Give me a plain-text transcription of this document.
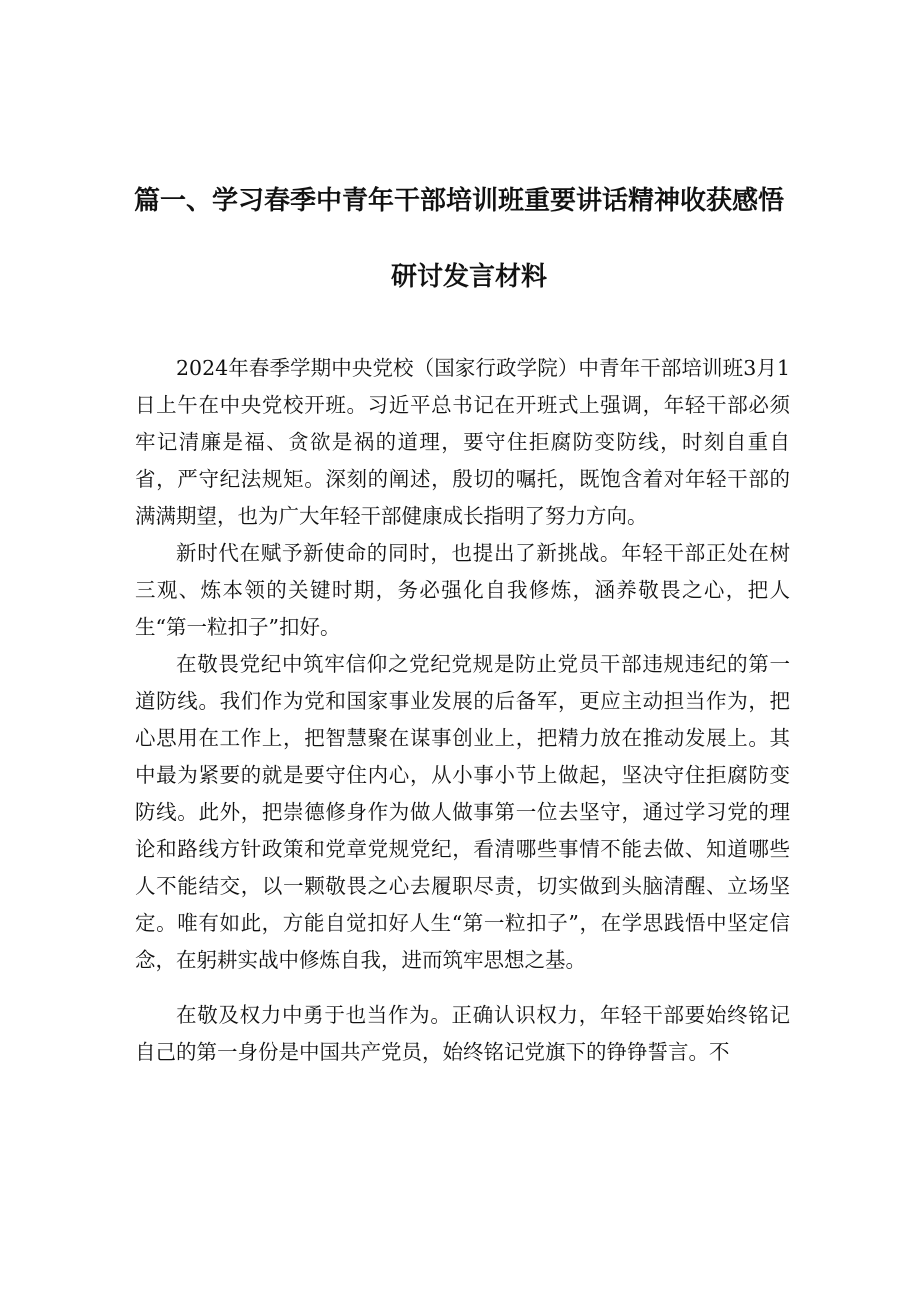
篇一、学习春季中青年干部培训班重要讲话精神收获感悟
研讨发言材料

2024年春季学期中央党校（国家行政学院）中青年干部培训班3月1日上午在中央党校开班。习近平总书记在开班式上强调，年轻干部必须牢记清廉是福、贪欲是祸的道理，要守住拒腐防变防线，时刻自重自省，严守纪法规矩。深刻的阐述，殷切的嘱托，既饱含着对年轻干部的满满期望，也为广大年轻干部健康成长指明了努力方向。

新时代在赋予新使命的同时，也提出了新挑战。年轻干部正处在树三观、炼本领的关键时期，务必强化自我修炼，涵养敬畏之心，把人生“第一粒扣子”扣好。

在敬畏党纪中筑牢信仰之党纪党规是防止党员干部违规违纪的第一道防线。我们作为党和国家事业发展的后备军，更应主动担当作为，把心思用在工作上，把智慧聚在谋事创业上，把精力放在推动发展上。其中最为紧要的就是要守住内心，从小事小节上做起，坚决守住拒腐防变防线。此外，把崇德修身作为做人做事第一位去坚守，通过学习党的理论和路线方针政策和党章党规党纪，看清哪些事情不能去做、知道哪些人不能结交，以一颗敬畏之心去履职尽责，切实做到头脑清醒、立场坚定。唯有如此，方能自觉扣好人生“第一粒扣子”，在学思践悟中坚定信念，在躬耕实战中修炼自我，进而筑牢思想之基。

在敬及权力中勇于也当作为。正确认识权力，年轻干部要始终铭记自己的第一身份是中国共产党员，始终铭记党旗下的铮铮誓言。不
